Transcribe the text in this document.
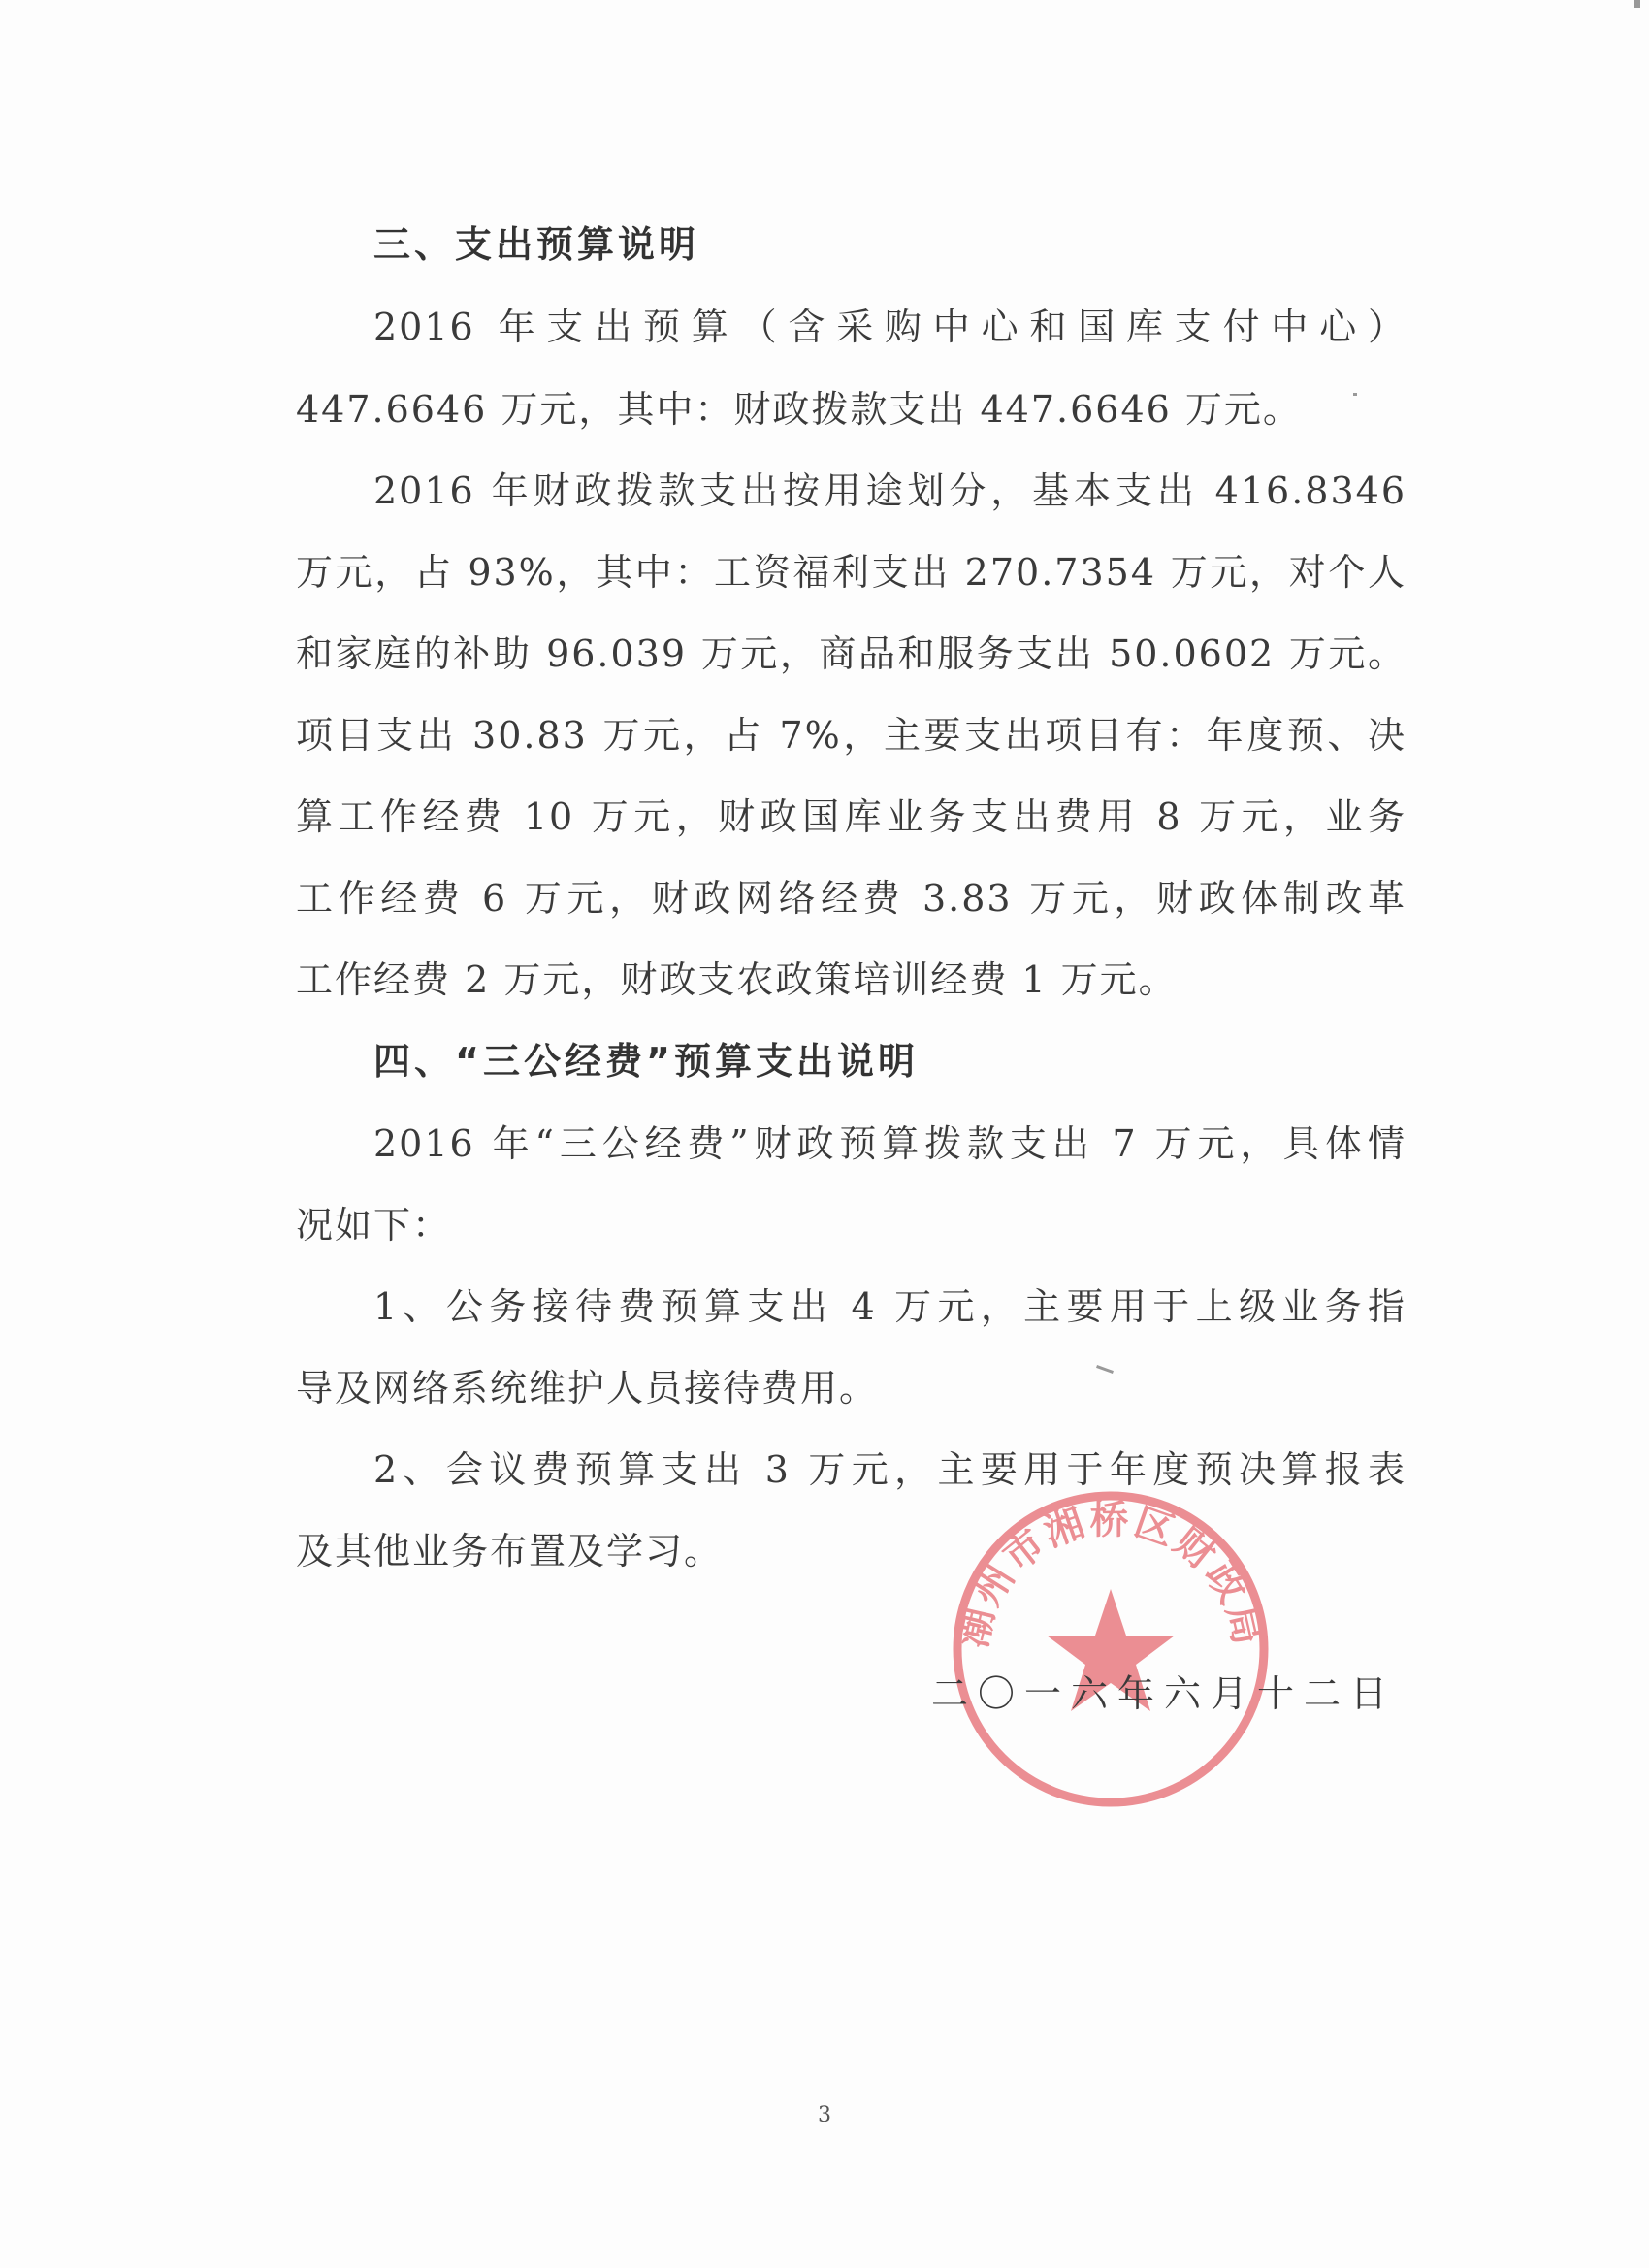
三、支出预算说明
2016 年支出预算（含采购中心和国库支付中心）
447.6646 万元，其中：财政拨款支出 447.6646 万元。
2016 年财政拨款支出按用途划分，基本支出 416.8346
万元，占 93%，其中：工资福利支出 270.7354 万元，对个人
和家庭的补助 96.039 万元，商品和服务支出 50.0602 万元。
项目支出 30.83 万元，占 7%，主要支出项目有：年度预、决
算工作经费 10 万元，财政国库业务支出费用 8 万元，业务
工作经费 6 万元，财政网络经费 3.83 万元，财政体制改革
工作经费 2 万元，财政支农政策培训经费 1 万元。
四、“三公经费”预算支出说明
2016 年“三公经费”财政预算拨款支出 7 万元，具体情
况如下：
1、公务接待费预算支出 4 万元，主要用于上级业务指
导及网络系统维护人员接待费用。
2、会议费预算支出 3 万元，主要用于年度预决算报表
及其他业务布置及学习。
潮州市湘桥区财政局
二〇一六年六月十二日
3
